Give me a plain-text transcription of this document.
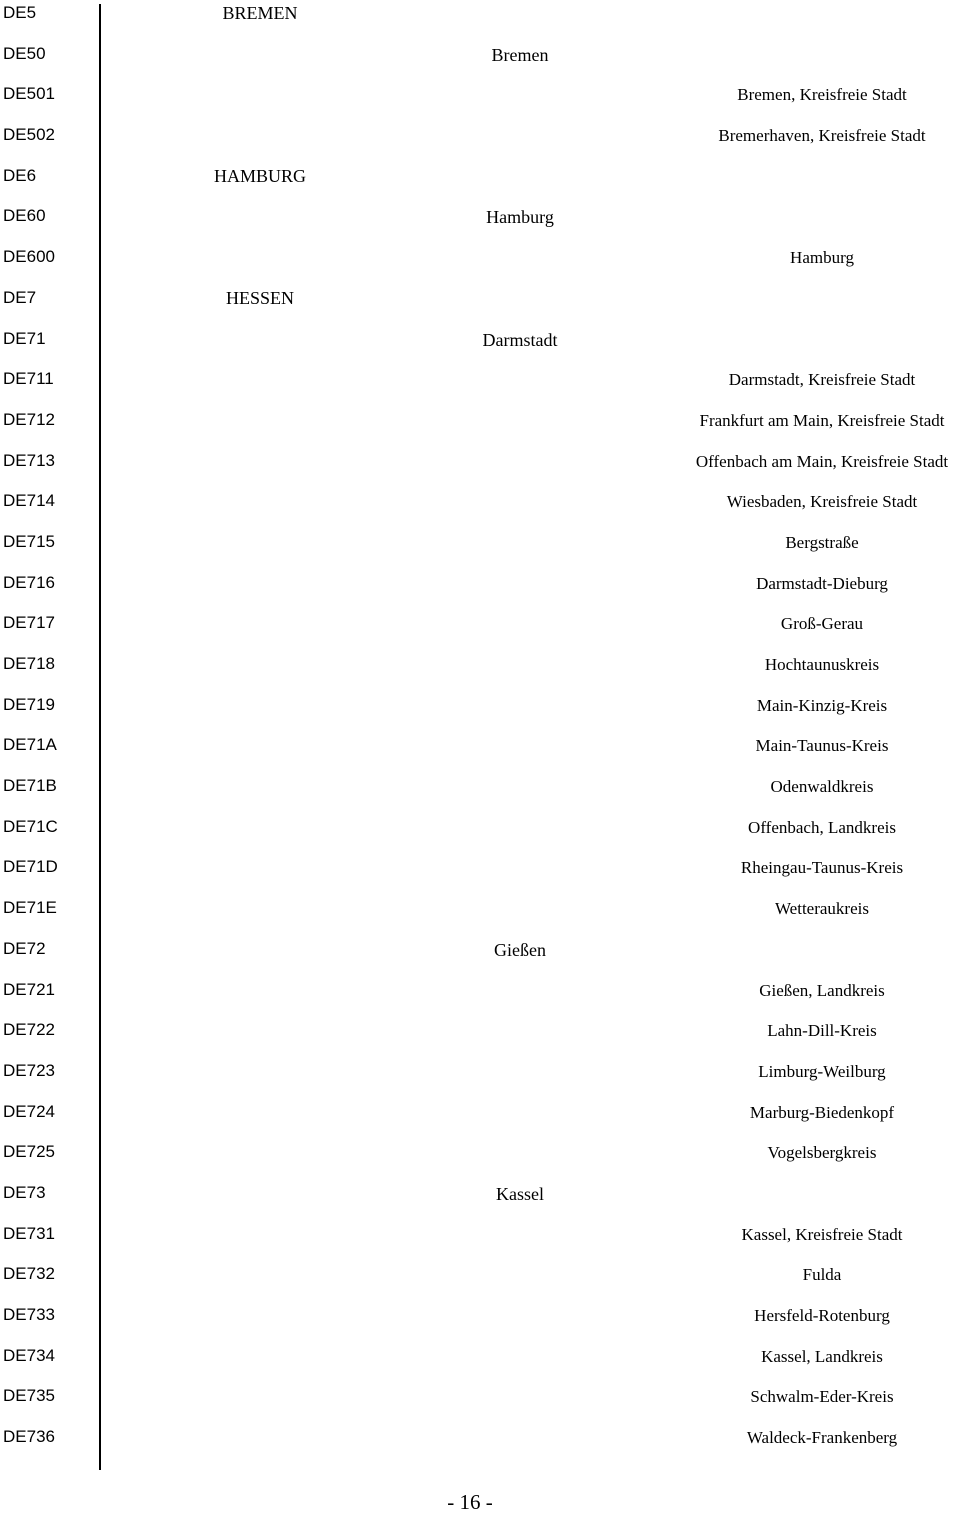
DE5	BREMEN
DE50	Bremen
DE501	Bremen, Kreisfreie Stadt
DE502	Bremerhaven, Kreisfreie Stadt
DE6	HAMBURG
DE60	Hamburg
DE600	Hamburg
DE7	HESSEN
DE71	Darmstadt
DE711	Darmstadt, Kreisfreie Stadt
DE712	Frankfurt am Main, Kreisfreie Stadt
DE713	Offenbach am Main, Kreisfreie Stadt
DE714	Wiesbaden, Kreisfreie Stadt
DE715	Bergstraße
DE716	Darmstadt-Dieburg
DE717	Groß-Gerau
DE718	Hochtaunuskreis
DE719	Main-Kinzig-Kreis
DE71A	Main-Taunus-Kreis
DE71B	Odenwaldkreis
DE71C	Offenbach, Landkreis
DE71D	Rheingau-Taunus-Kreis
DE71E	Wetteraukreis
DE72	Gießen
DE721	Gießen, Landkreis
DE722	Lahn-Dill-Kreis
DE723	Limburg-Weilburg
DE724	Marburg-Biedenkopf
DE725	Vogelsbergkreis
DE73	Kassel
DE731	Kassel, Kreisfreie Stadt
DE732	Fulda
DE733	Hersfeld-Rotenburg
DE734	Kassel, Landkreis
DE735	Schwalm-Eder-Kreis
DE736	Waldeck-Frankenberg
- 16 -
